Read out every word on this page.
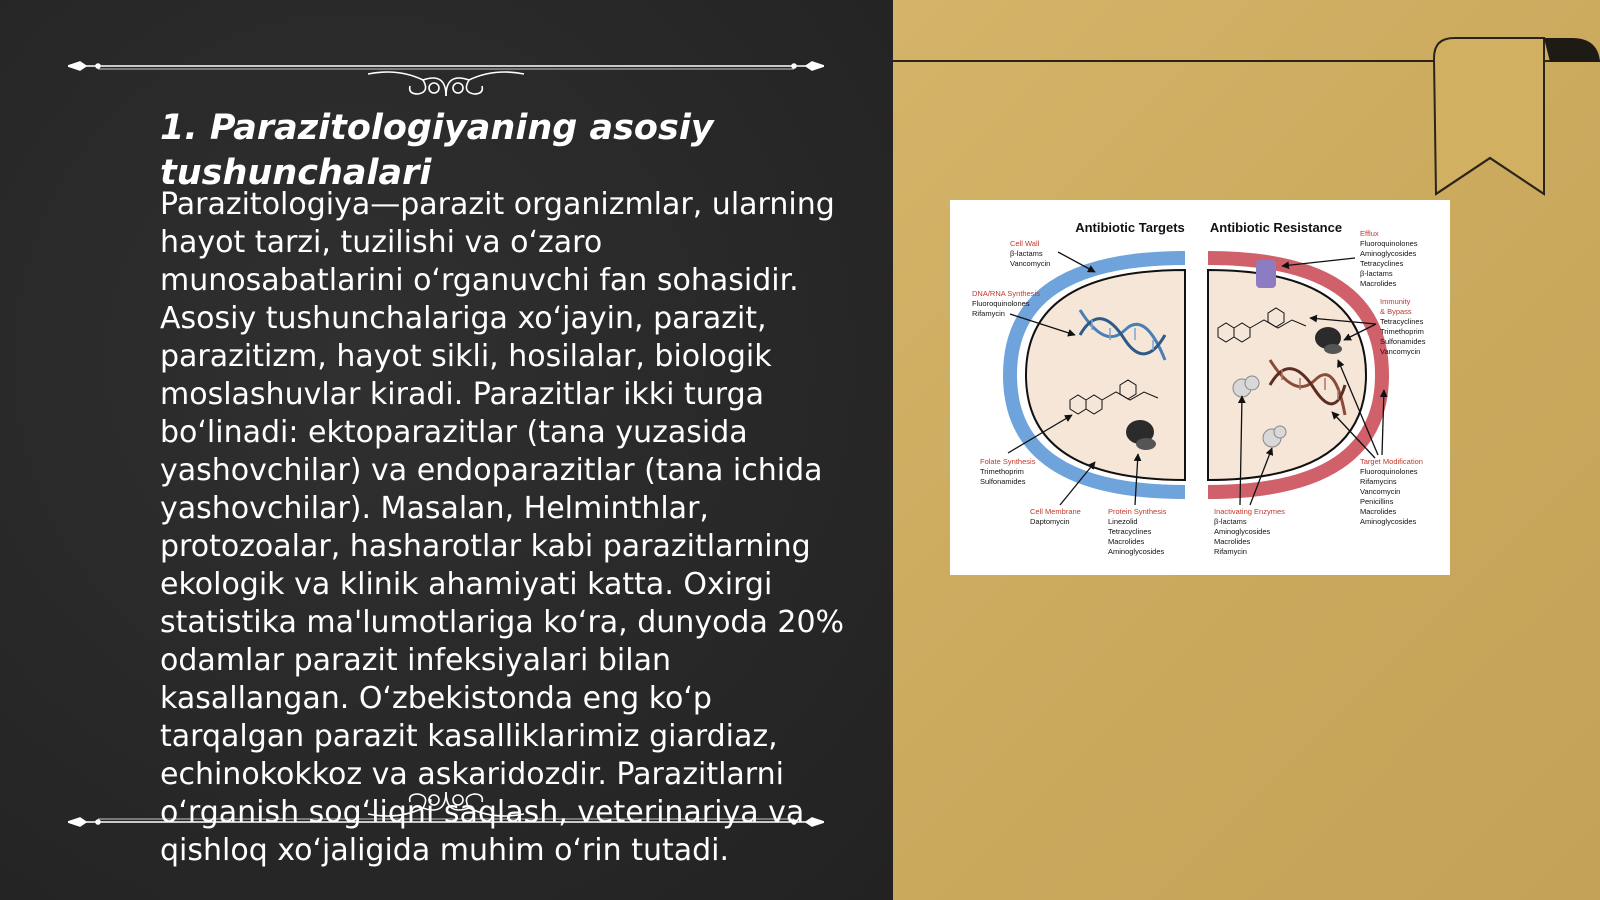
1. Parazitologiyaning asosiy tushunchalari

Parazitologiya—parazit organizmlar, ularning hayot tarzi, tuzilishi va o‘zaro munosabatlarini o‘rganuvchi fan sohasidir. Asosiy tushunchalariga xo‘jayin, parazit, parazitizm, hayot sikli, hosilalar, biologik moslashuvlar kiradi. Parazitlar ikki turga bo‘linadi: ektoparazitlar (tana yuzasida yashovchilar) va endoparazitlar (tana ichida yashovchilar). Masalan, Helminthlar, protozoalar, hasharotlar kabi parazitlarning ekologik va klinik ahamiyati katta. Oxirgi statistika ma'lumotlariga ko‘ra, dunyoda 20% odamlar parazit infeksiyalari bilan kasallangan. O‘zbekistonda eng ko‘p tarqalgan parazit kasalliklarimiz giardiaz, echinokokkoz va askaridozdir. Parazitlarni o‘rganish sog‘liqni saqlash, veterinariya va qishloq xo‘jaligida muhim o‘rin tutadi.

Antibiotic Targets Antibiotic Resistance
Cell Wall
β-lactams
Vancomycin
DNA/RNA Synthesis
Fluoroquinolones
Rifamycin
Folate Synthesis
Trimethoprim
Sulfonamides
Cell Membrane
Daptomycin
Protein Synthesis
Linezolid
Tetracyclines
Macrolides
Aminoglycosides
Efflux
Fluoroquinolones
Aminoglycosides
Tetracyclines
β-lactams
Macrolides
Immunity
& Bypass
Tetracyclines
Trimethoprim
Sulfonamides
Vancomycin
Target Modification
Fluoroquinolones
Rifamycins
Vancomycin
Penicillins
Macrolides
Aminoglycosides
Inactivating Enzymes
β-lactams
Aminoglycosides
Macrolides
Rifamycin
